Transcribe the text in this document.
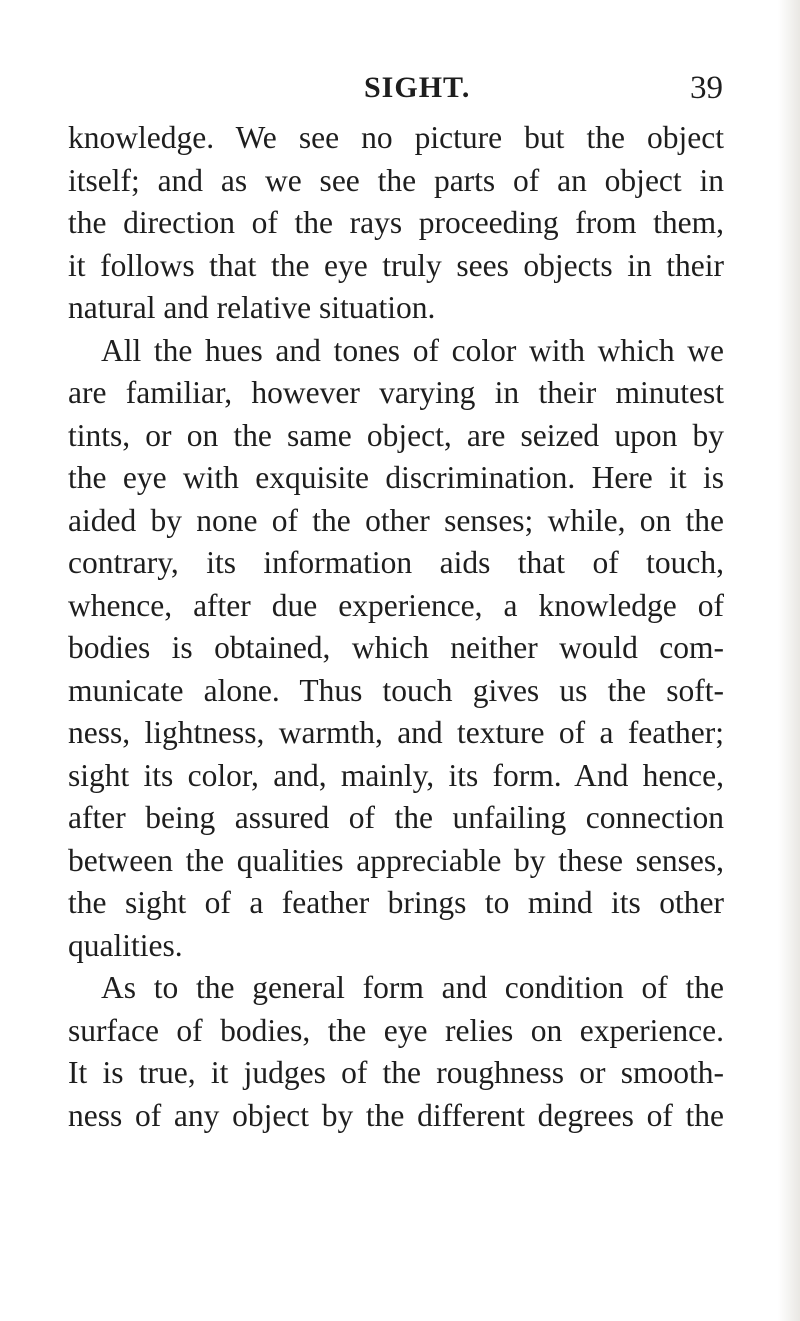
SIGHT.	39
knowledge. We see no picture but the object
itself; and as we see the parts of an object in
the direction of the rays proceeding from them,
it follows that the eye truly sees objects in their
natural and relative situation.
All the hues and tones of color with which we
are familiar, however varying in their minutest
tints, or on the same object, are seized upon by
the eye with exquisite discrimination. Here it is
aided by none of the other senses; while, on the
contrary, its information aids that of touch,
whence, after due experience, a knowledge of
bodies is obtained, which neither would com-
municate alone. Thus touch gives us the soft-
ness, lightness, warmth, and texture of a feather;
sight its color, and, mainly, its form. And hence,
after being assured of the unfailing connection
between the qualities appreciable by these senses,
the sight of a feather brings to mind its other
qualities.
As to the general form and condition of the
surface of bodies, the eye relies on experience.
It is true, it judges of the roughness or smooth-
ness of any object by the different degrees of the
